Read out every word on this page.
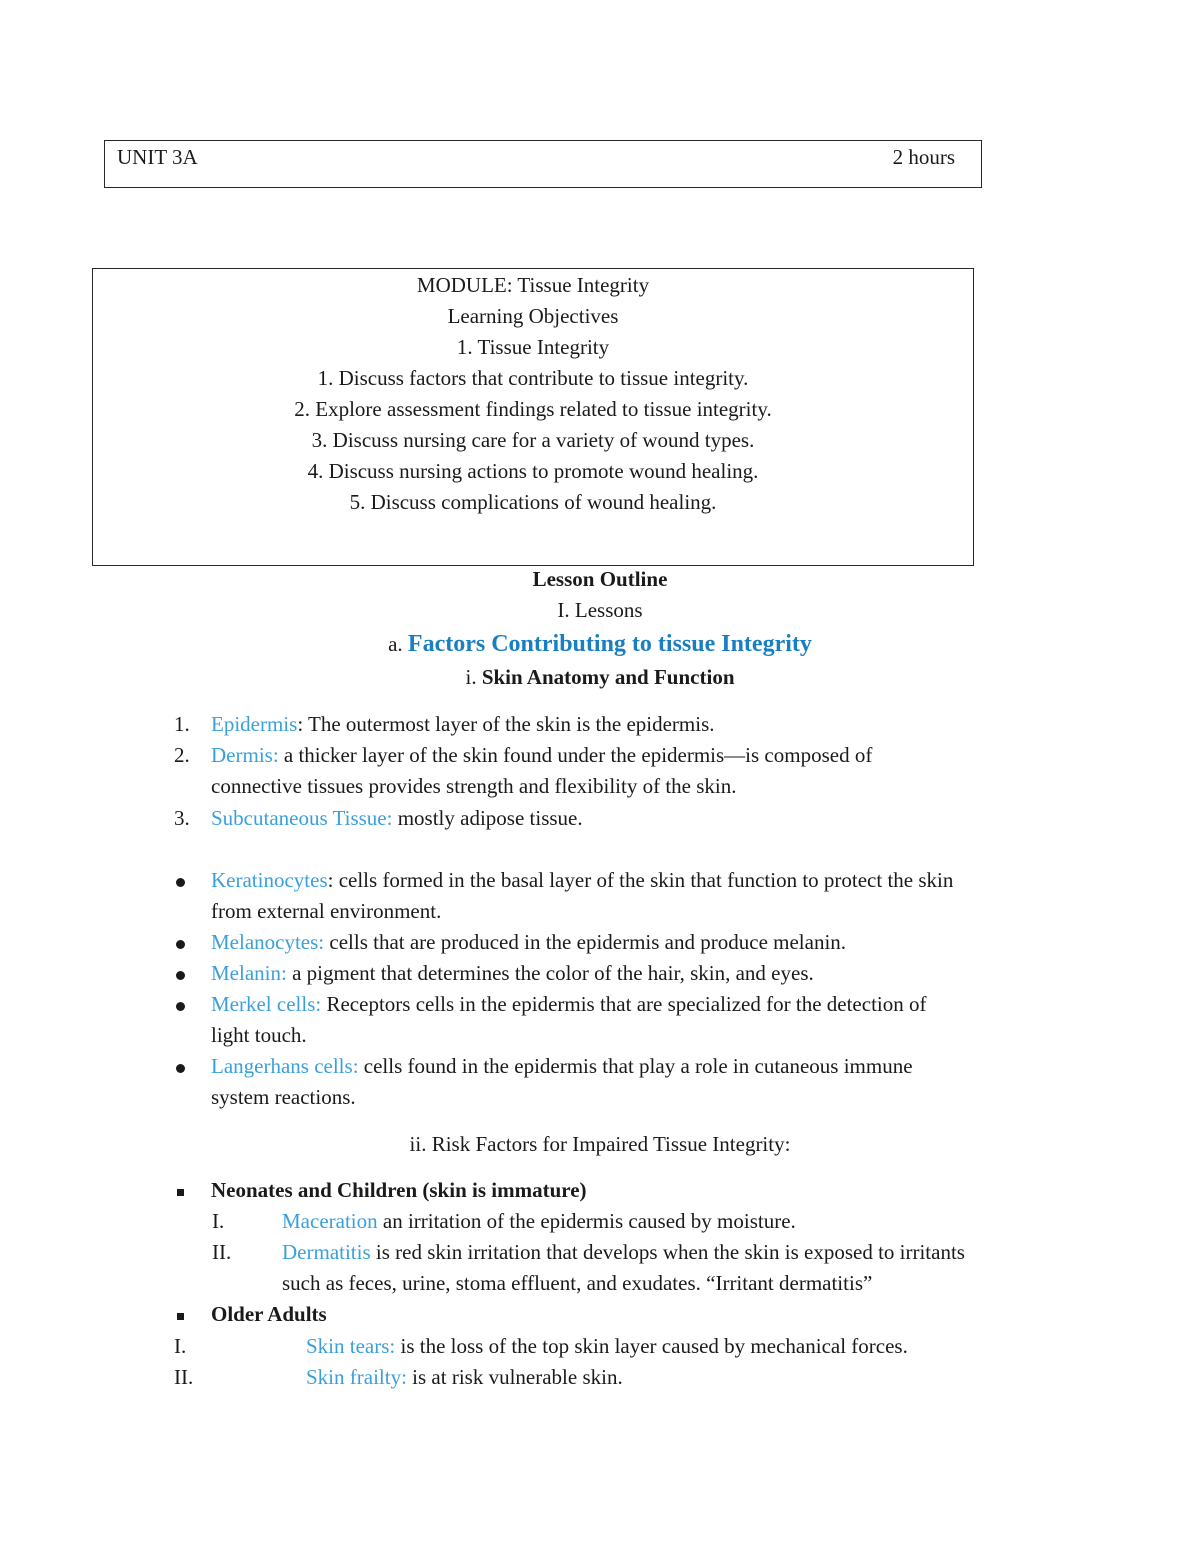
UNIT 3A	2 hours
MODULE: Tissue Integrity
Learning Objectives
1. Tissue Integrity
1. Discuss factors that contribute to tissue integrity.
2. Explore assessment findings related to tissue integrity.
3. Discuss nursing care for a variety of wound types.
4. Discuss nursing actions to promote wound healing.
5. Discuss complications of wound healing.
Lesson Outline
I. Lessons
a. Factors Contributing to tissue Integrity
i. Skin Anatomy and Function
1. Epidermis: The outermost layer of the skin is the epidermis.
2. Dermis: a thicker layer of the skin found under the epidermis—is composed of
connective tissues provides strength and flexibility of the skin.
3. Subcutaneous Tissue: mostly adipose tissue.
Keratinocytes: cells formed in the basal layer of the skin that function to protect the skin
from external environment.
Melanocytes: cells that are produced in the epidermis and produce melanin.
Melanin: a pigment that determines the color of the hair, skin, and eyes.
Merkel cells: Receptors cells in the epidermis that are specialized for the detection of
light touch.
Langerhans cells: cells found in the epidermis that play a role in cutaneous immune
system reactions.
ii. Risk Factors for Impaired Tissue Integrity:
Neonates and Children (skin is immature)
I.	Maceration an irritation of the epidermis caused by moisture.
II. Dermatitis is red skin irritation that develops when the skin is exposed to irritants
such as feces, urine, stoma effluent, and exudates. “Irritant dermatitis”
Older Adults
I.	Skin tears: is the loss of the top skin layer caused by mechanical forces.
II.	Skin frailty: is at risk vulnerable skin.
